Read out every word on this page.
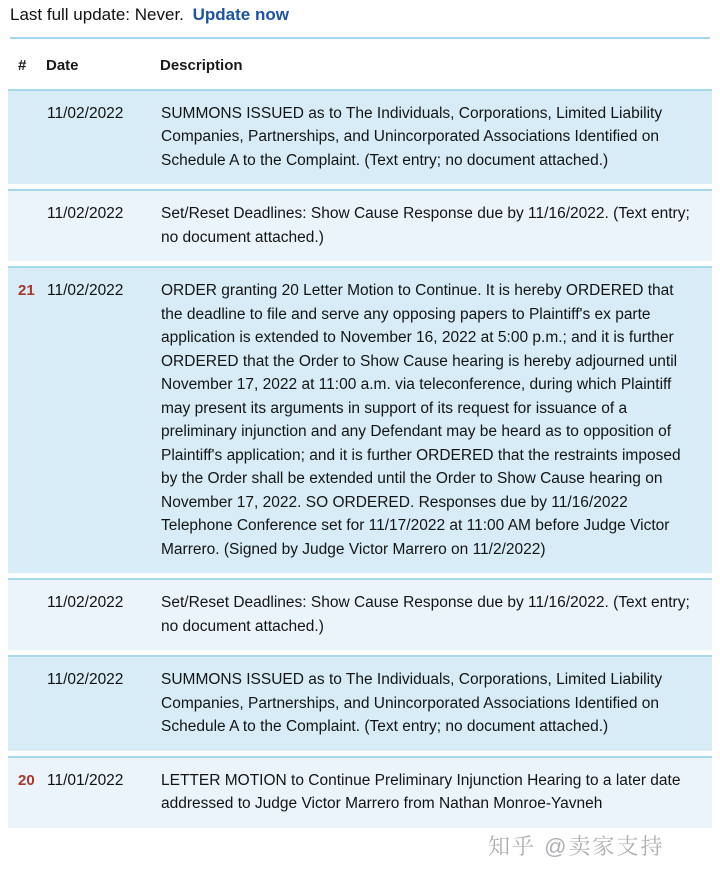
Last full update: Never. Update now
#	Date	Description
	11/02/2022	SUMMONS ISSUED as to The Individuals, Corporations, Limited Liability Companies, Partnerships, and Unincorporated Associations Identified on Schedule A to the Complaint. (Text entry; no document attached.)
	11/02/2022	Set/Reset Deadlines: Show Cause Response due by 11/16/2022. (Text entry; no document attached.)
21	11/02/2022	ORDER granting 20 Letter Motion to Continue. It is hereby ORDERED that the deadline to file and serve any opposing papers to Plaintiff's ex parte application is extended to November 16, 2022 at 5:00 p.m.; and it is further ORDERED that the Order to Show Cause hearing is hereby adjourned until November 17, 2022 at 11:00 a.m. via teleconference, during which Plaintiff may present its arguments in support of its request for issuance of a preliminary injunction and any Defendant may be heard as to opposition of Plaintiff's application; and it is further ORDERED that the restraints imposed by the Order shall be extended until the Order to Show Cause hearing on November 17, 2022. SO ORDERED. Responses due by 11/16/2022 Telephone Conference set for 11/17/2022 at 11:00 AM before Judge Victor Marrero. (Signed by Judge Victor Marrero on 11/2/2022)
	11/02/2022	Set/Reset Deadlines: Show Cause Response due by 11/16/2022. (Text entry; no document attached.)
	11/02/2022	SUMMONS ISSUED as to The Individuals, Corporations, Limited Liability Companies, Partnerships, and Unincorporated Associations Identified on Schedule A to the Complaint. (Text entry; no document attached.)
20	11/01/2022	LETTER MOTION to Continue Preliminary Injunction Hearing to a later date addressed to Judge Victor Marrero from Nathan Monroe-Yavneh
知乎 @卖家支持
